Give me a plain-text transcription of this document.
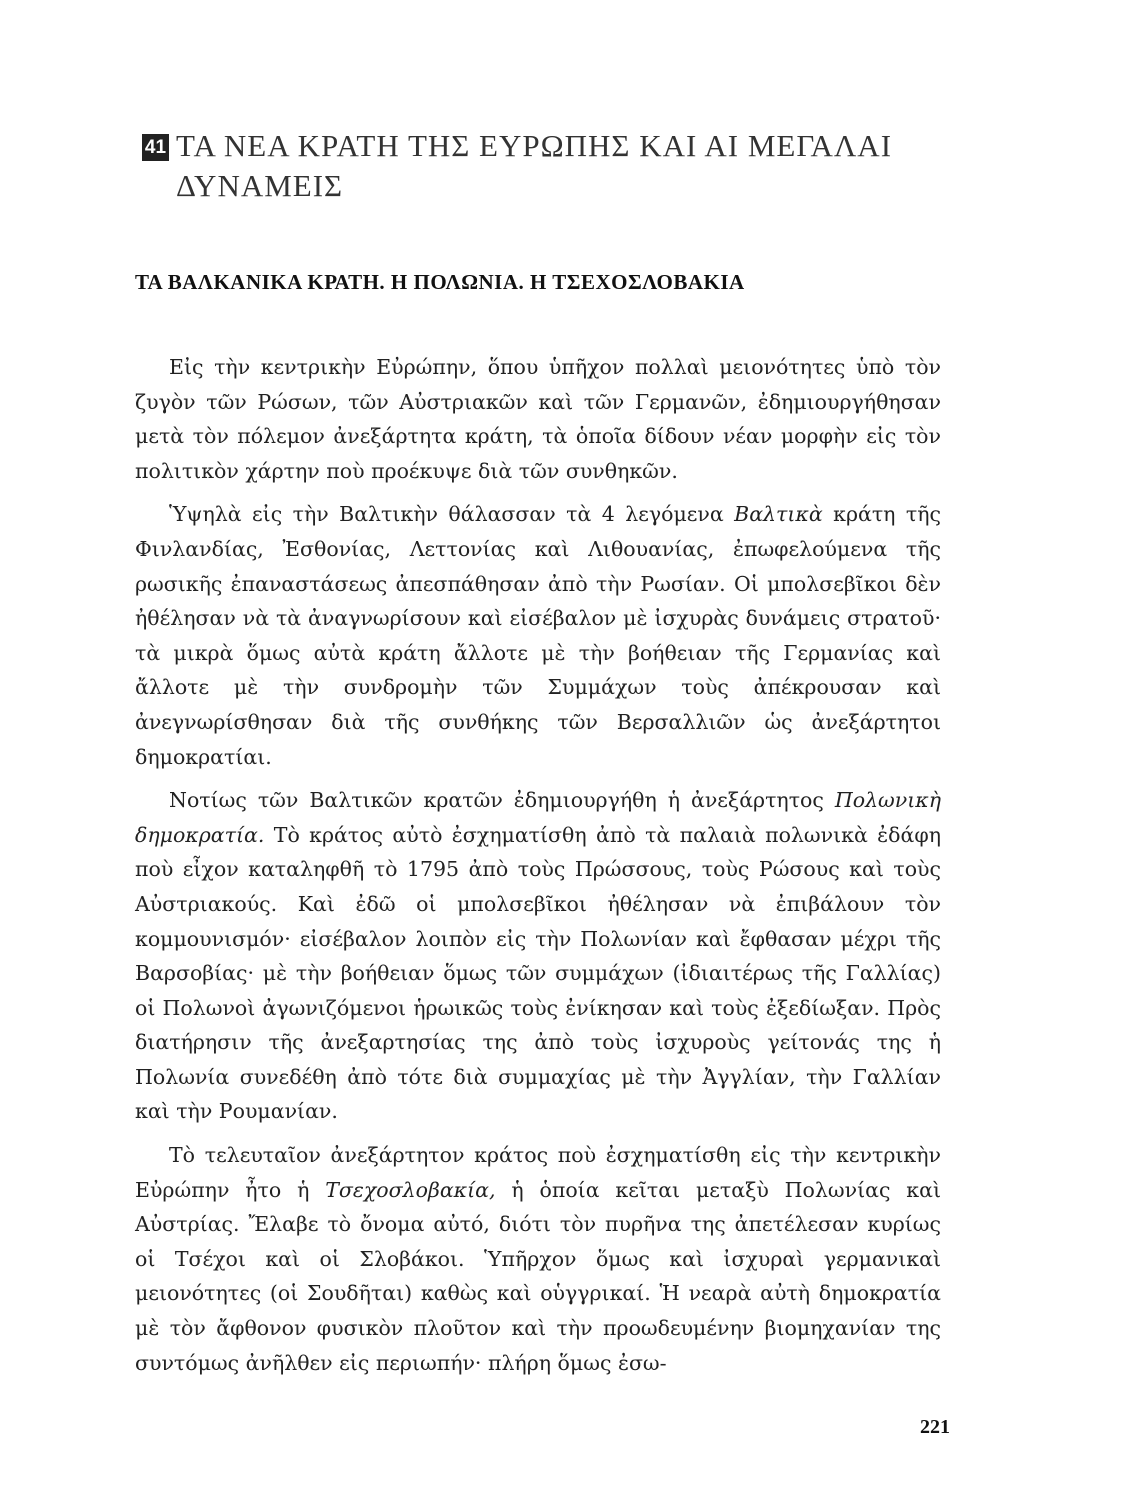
41 ΤΑ ΝΕΑ ΚΡΑΤΗ ΤΗΣ ΕΥΡΩΠΗΣ ΚΑΙ ΑΙ ΜΕΓΑΛΑΙ ΔΥΝΑΜΕΙΣ
ΤΑ ΒΑΛΚΑΝΙΚΑ ΚΡΑΤΗ. Η ΠΟΛΩΝΙΑ. Η ΤΣΕΧΟΣΛΟΒΑΚΙΑ

Εἰς τὴν κεντρικὴν Εὐρώπην, ὅπου ὑπῆχον πολλαὶ μειονότητες ὑπὸ τὸν ζυγὸν τῶν Ρώσων, τῶν Αὐστριακῶν καὶ τῶν Γερμανῶν, ἐδημιουργήθησαν μετὰ τὸν πόλεμον ἀνεξάρτητα κράτη, τὰ ὁποῖα δίδουν νέαν μορφὴν εἰς τὸν πολιτικὸν χάρτην ποὺ προέκυψε διὰ τῶν συνθηκῶν.

Ὑψηλὰ εἰς τὴν Βαλτικὴν θάλασσαν τὰ 4 λεγόμενα Βαλτικὰ κράτη τῆς Φινλανδίας, Ἐσθονίας, Λεττονίας καὶ Λιθουανίας, ἐπωφελούμενα τῆς ρωσικῆς ἐπαναστάσεως ἀπεσπάθησαν ἀπὸ τὴν Ρωσίαν. Οἱ μπολσεβῖκοι δὲν ἠθέλησαν νὰ τὰ ἀναγνωρίσουν καὶ εἰσέβαλον μὲ ἰσχυρὰς δυνάμεις στρατοῦ· τὰ μικρὰ ὅμως αὐτὰ κράτη ἄλλοτε μὲ τὴν βοήθειαν τῆς Γερμανίας καὶ ἄλλοτε μὲ τὴν συνδρομὴν τῶν Συμμάχων τοὺς ἀπέκρουσαν καὶ ἀνεγνωρίσθησαν διὰ τῆς συνθήκης τῶν Βερσαλλιῶν ὡς ἀνεξάρτητοι δημοκρατίαι.

Νοτίως τῶν Βαλτικῶν κρατῶν ἐδημιουργήθη ἡ ἀνεξάρτητος Πολωνικὴ δημοκρατία. Τὸ κράτος αὐτὸ ἐσχηματίσθη ἀπὸ τὰ παλαιὰ πολωνικὰ ἐδάφη ποὺ εἶχον καταληφθῆ τὸ 1795 ἀπὸ τοὺς Πρώσσους, τοὺς Ρώσους καὶ τοὺς Αὐστριακούς. Καὶ ἐδῶ οἱ μπολσεβῖκοι ἠθέλησαν νὰ ἐπιβάλουν τὸν κομμουνισμόν· εἰσέβαλον λοιπὸν εἰς τὴν Πολωνίαν καὶ ἔφθασαν μέχρι τῆς Βαρσοβίας· μὲ τὴν βοήθειαν ὅμως τῶν συμμάχων (ἰδιαιτέρως τῆς Γαλλίας) οἱ Πολωνοὶ ἀγωνιζόμενοι ἡρωικῶς τοὺς ἐνίκησαν καὶ τοὺς ἐξεδίωξαν. Πρὸς διατήρησιν τῆς ἀνεξαρτησίας της ἀπὸ τοὺς ἰσχυροὺς γείτονάς της ἡ Πολωνία συνεδέθη ἀπὸ τότε διὰ συμμαχίας μὲ τὴν Ἀγγλίαν, τὴν Γαλλίαν καὶ τὴν Ρουμανίαν.

Τὸ τελευταῖον ἀνεξάρτητον κράτος ποὺ ἐσχηματίσθη εἰς τὴν κεντρικὴν Εὐρώπην ἦτο ἡ Τσεχοσλοβακία, ἡ ὁποία κεῖται μεταξὺ Πολωνίας καὶ Αὐστρίας. Ἔλαβε τὸ ὄνομα αὐτό, διότι τὸν πυρῆνα της ἀπετέλεσαν κυρίως οἱ Τσέχοι καὶ οἱ Σλοβάκοι. Ὑπῆρχον ὅμως καὶ ἰσχυραὶ γερμανικαὶ μειονότητες (οἱ Σουδῆται) καθὼς καὶ οὑγγρικαί. Ἡ νεαρὰ αὐτὴ δημοκρατία μὲ τὸν ἄφθονον φυσικὸν πλοῦτον καὶ τὴν προωδευμένην βιομηχανίαν της συντόμως ἀνῆλθεν εἰς περιωπήν· πλήρη ὅμως ἐσω-

221
